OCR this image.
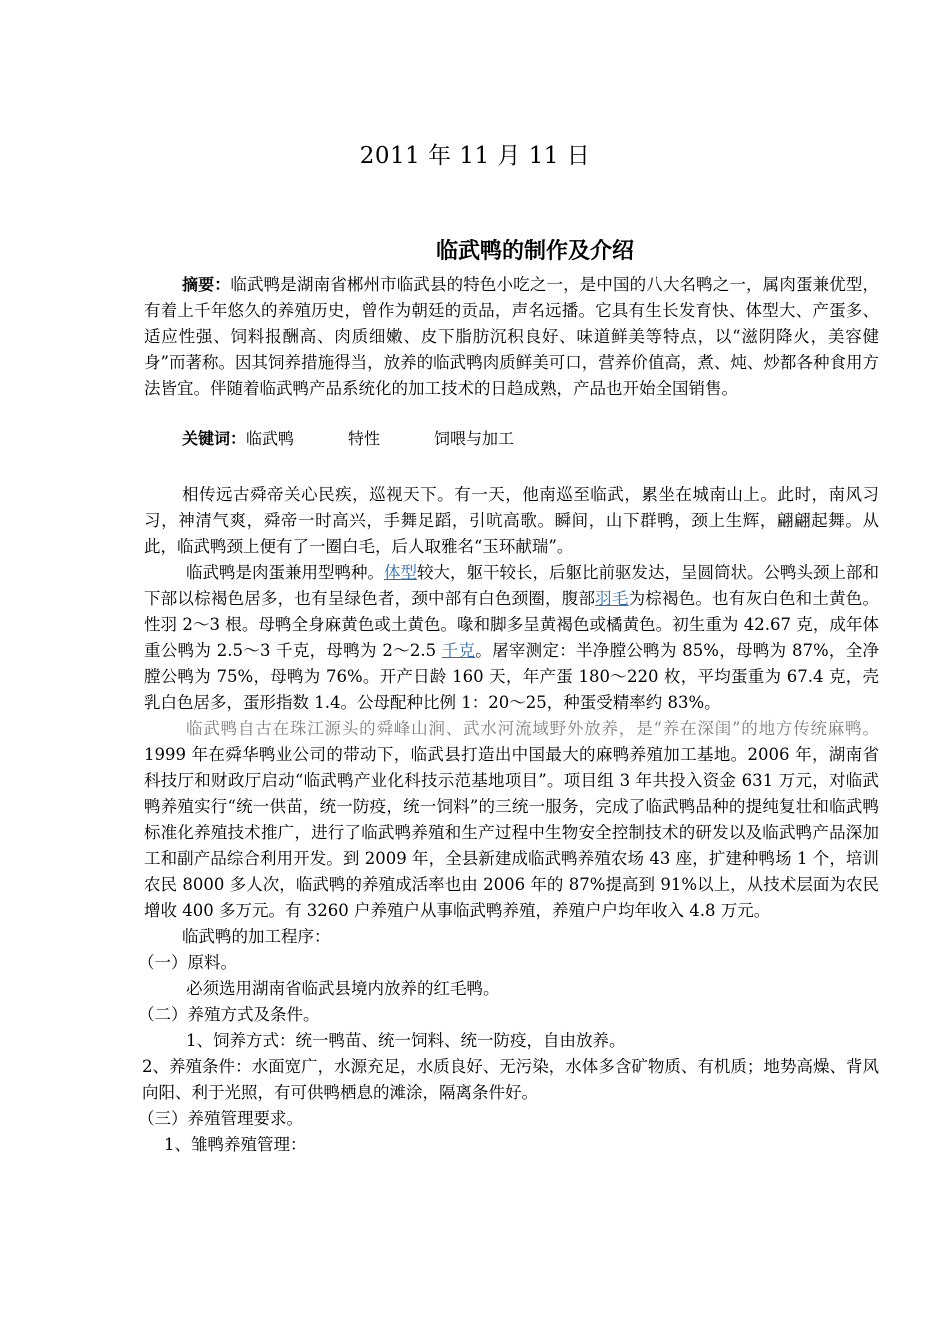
2011 年 11 月 11 日
临武鸭的制作及介绍

摘要：临武鸭是湖南省郴州市临武县的特色小吃之一，是中国的八大名鸭之一，属肉蛋兼优型，有着上千年悠久的养殖历史，曾作为朝廷的贡品，声名远播。它具有生长发育快、体型大、产蛋多、适应性强、饲料报酬高、肉质细嫩、皮下脂肪沉积良好、味道鲜美等特点，以“滋阴降火，美容健身”而著称。因其饲养措施得当，放养的临武鸭肉质鲜美可口，营养价值高，煮、炖、炒都各种食用方法皆宜。伴随着临武鸭产品系统化的加工技术的日趋成熟，产品也开始全国销售。

关键词：临武鸭	特性	饲喂与加工

相传远古舜帝关心民疾，巡视天下。有一天，他南巡至临武，累坐在城南山上。此时，南风习习，神清气爽，舜帝一时高兴，手舞足蹈，引吭高歌。瞬间，山下群鸭，颈上生辉，翩翩起舞。从此，临武鸭颈上便有了一圈白毛，后人取雅名“玉环献瑞”。

临武鸭是肉蛋兼用型鸭种。体型较大，躯干较长，后躯比前驱发达，呈圆筒状。公鸭头颈上部和下部以棕褐色居多，也有呈绿色者，颈中部有白色颈圈，腹部羽毛为棕褐色。也有灰白色和土黄色。性羽 2～3 根。母鸭全身麻黄色或土黄色。喙和脚多呈黄褐色或橘黄色。初生重为 42.67 克，成年体重公鸭为 2.5～3 千克，母鸭为 2～2.5 千克。屠宰测定：半净膛公鸭为 85%，母鸭为 87%，全净膛公鸭为 75%，母鸭为 76%。开产日龄 160 天，年产蛋 180～220 枚，平均蛋重为 67.4 克，壳乳白色居多，蛋形指数 1.4。公母配种比例 1：20～25，种蛋受精率约 83%。

临武鸭自古在珠江源头的舜峰山涧、武水河流域野外放养，是“养在深闺”的地方传统麻鸭。1999 年在舜华鸭业公司的带动下，临武县打造出中国最大的麻鸭养殖加工基地。2006 年，湖南省科技厅和财政厅启动“临武鸭产业化科技示范基地项目”。项目组 3 年共投入资金 631 万元，对临武鸭养殖实行“统一供苗，统一防疫，统一饲料”的三统一服务，完成了临武鸭品种的提纯复壮和临武鸭标准化养殖技术推广，进行了临武鸭养殖和生产过程中生物安全控制技术的研发以及临武鸭产品深加工和副产品综合利用开发。到 2009 年，全县新建成临武鸭养殖农场 43 座，扩建种鸭场 1 个，培训农民 8000 多人次，临武鸭的养殖成活率也由 2006 年的 87%提高到 91%以上，从技术层面为农民增收 400 多万元。有 3260 户养殖户从事临武鸭养殖，养殖户户均年收入 4.8 万元。

临武鸭的加工程序：

（一）原料。

必须选用湖南省临武县境内放养的红毛鸭。

（二）养殖方式及条件。

1、饲养方式：统一鸭苗、统一饲料、统一防疫，自由放养。

2、养殖条件：水面宽广，水源充足，水质良好、无污染，水体多含矿物质、有机质；地势高燥、背风向阳、利于光照，有可供鸭栖息的滩涂，隔离条件好。

（三）养殖管理要求。

1、雏鸭养殖管理：
